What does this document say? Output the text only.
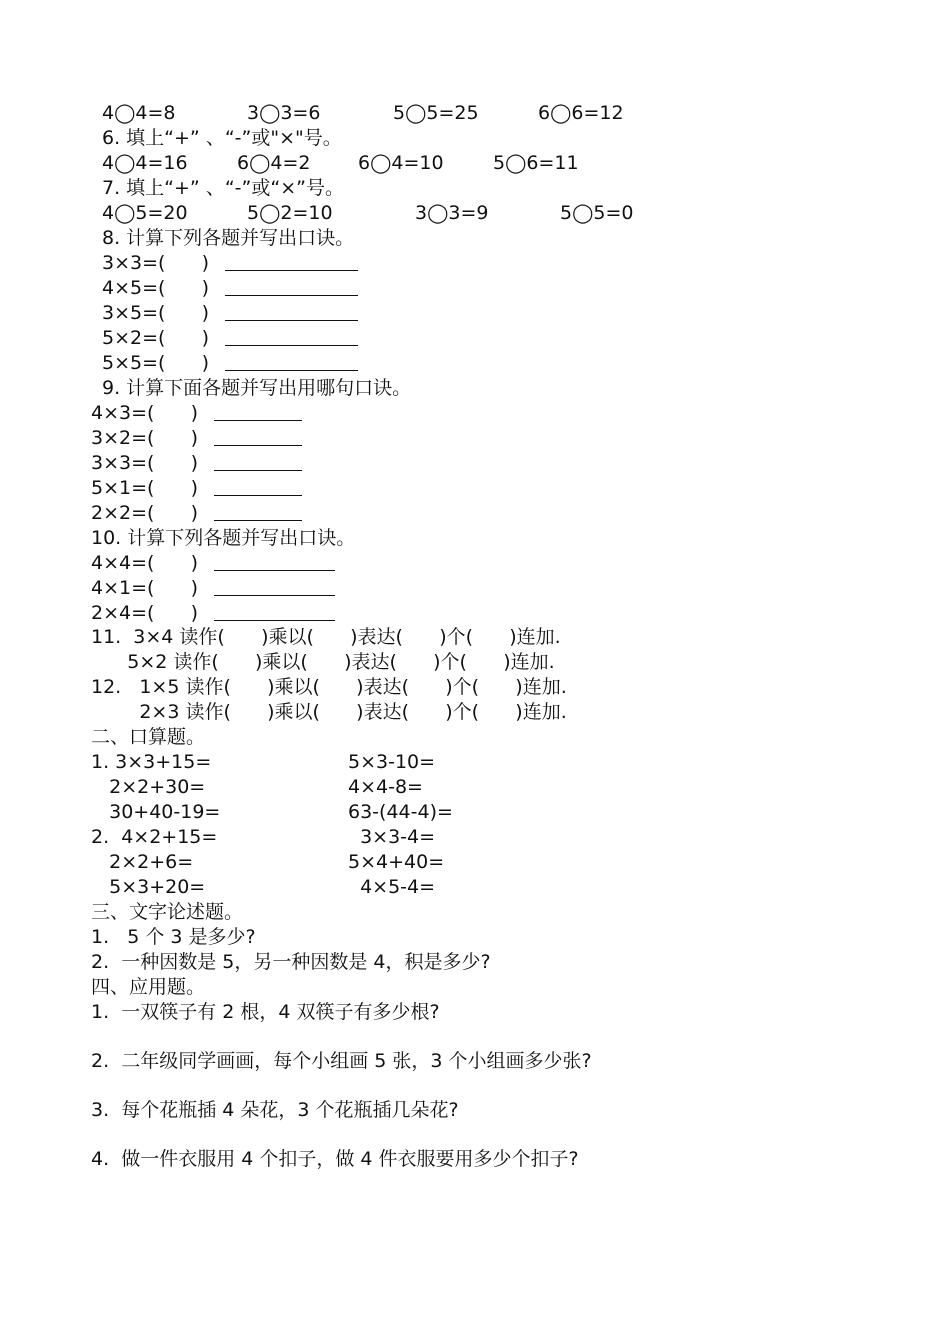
4◯4=8	3◯3=6	5◯5=25	6◯6=12
6. 填上“+” 、“-”或"×"号。
4◯4=16	6◯4=2	6◯4=10	5◯6=11
7. 填上“+” 、“-”或“×”号。
4◯5=20	5◯2=10	3◯3=9	5◯5=0
8. 计算下列各题并写出口诀。
3×3=(      )
4×5=(      )
3×5=(      )
5×2=(      )
5×5=(      )
9. 计算下面各题并写出用哪句口诀。
4×3=(      )
3×2=(      )
3×3=(      )
5×1=(      )
2×2=(      )
10. 计算下列各题并写出口诀。
4×4=(      )
4×1=(      )
2×4=(      )
11.  3×4 读作(      )乘以(      )表达(      )个(      )连加.
5×2 读作(      )乘以(      )表达(      )个(      )连加.
12.   1×5 读作(      )乘以(      )表达(      )个(      )连加.
2×3 读作(      )乘以(      )表达(      )个(      )连加.
二、口算题。
1. 3×3+15=	5×3-10=
2×2+30=	4×4-8=
30+40-19=	63-(44-4)=
2.  4×2+15=	3×3-4=
2×2+6=	5×4+40=
5×3+20=	4×5-4=
三、文字论述题。
1.   5 个 3 是多少?
2.  一种因数是 5，另一种因数是 4，积是多少?
四、应用题。
1.  一双筷子有 2 根，4 双筷子有多少根?
2.  二年级同学画画，每个小组画 5 张，3 个小组画多少张?
3.  每个花瓶插 4 朵花，3 个花瓶插几朵花?
4.  做一件衣服用 4 个扣子，做 4 件衣服要用多少个扣子?
